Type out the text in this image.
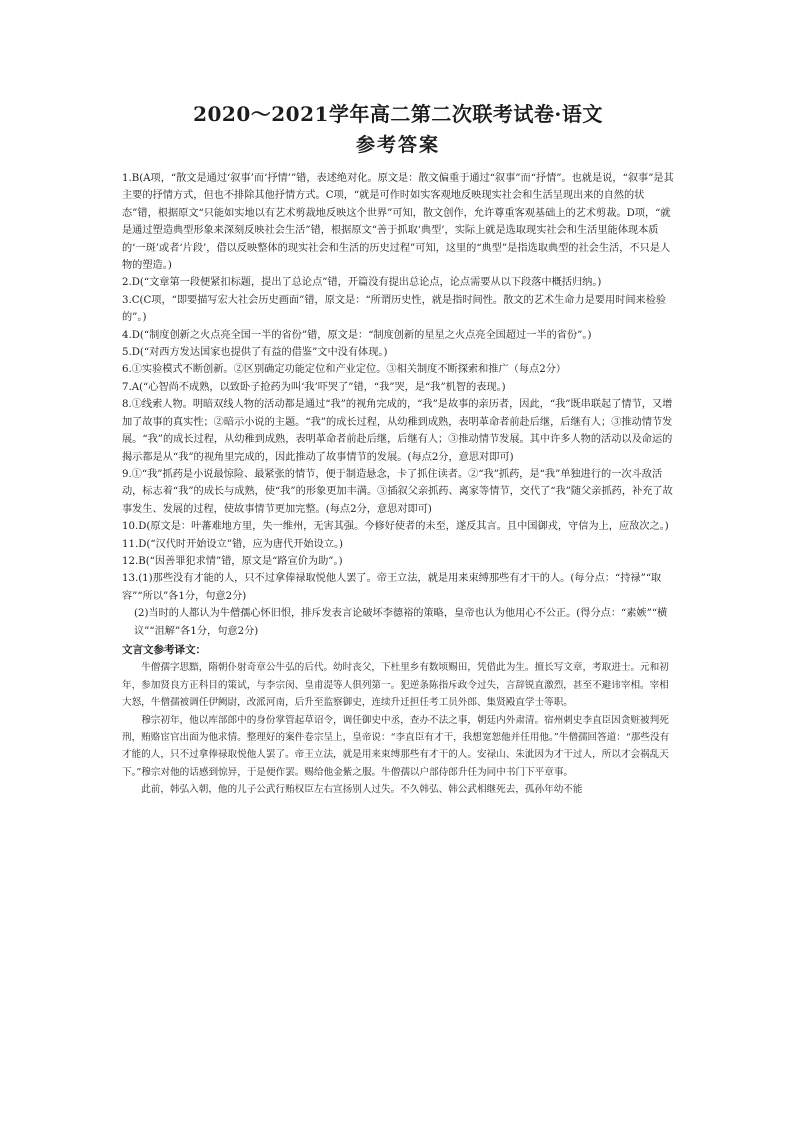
2020～2021学年高二第二次联考试卷·语文
参考答案

1.B(A项，“散文是通过‘叙事’而‘抒情’”错，表述绝对化。原文是：散文偏重于通过“叙事”而“抒情”。也就是说，“叙事”是其主要的抒情方式，但也不排除其他抒情方式。C项，“就是可作时如实客观地反映现实社会和生活呈现出来的自然的状态”错，根据原文“只能如实地以有艺术剪裁地反映这个世界”可知，散文创作，允许尊重客观基础上的艺术剪裁。D项，“就是通过塑造典型形象来深刻反映社会生活”错，根据原文“善于抓取‘典型’，实际上就是选取现实社会和生活里能体现本质的‘一斑’或者‘片段’，借以反映整体的现实社会和生活的历史过程”可知，这里的“典型”是指选取典型的社会生活，不只是人物的塑造。)

2.D(“文章第一段便紧扣标题，提出了总论点”错，开篇没有提出总论点，论点需要从以下段落中概括归纳。)

3.C(C项，“即要描写宏大社会历史画面”错，原文是：“所谓历史性，就是指时间性。散文的艺术生命力是要用时间来检验的”。)

4.D(“制度创新之火点亮全国一半的省份”错，原文是：“制度创新的星星之火点亮全国超过一半的省份”。)

5.D(“对西方发达国家也提供了有益的借鉴”文中没有体现。)

6.①实验模式不断创新。②区别确定功能定位和产业定位。③相关制度不断探索和推广（每点2分）

7.A(“心智尚不成熟，以致卧子抢药为叫‘我’吓哭了”错，“我”哭，是“我”机智的表现。)

8.①线索人物。明暗双线人物的活动都是通过“我”的视角完成的，“我”是故事的亲历者，因此，“我”既串联起了情节，又增加了故事的真实性；②暗示小说的主题。“我”的成长过程，从幼稚到成熟，表明革命者前赴后继，后继有人；③推动情节发展。“我”的成长过程，从幼稚到成熟，表明革命者前赴后继，后继有人；③推动情节发展。其中许多人物的活动以及命运的揭示都是从“我”的视角里完成的，因此推动了故事情节的发展。(每点2分，意思对即可)

9.①“我”抓药是小说最惊险、最紧张的情节，便于制造悬念，卡了抓住读者。②“我”抓药，是“我”单独进行的一次斗敌活动，标志着“我”的成长与成熟，使“我”的形象更加丰满。③插叙父亲抓药、离家等情节，交代了“我”随父亲抓药，补充了故事发生、发展的过程，使故事情节更加完整。(每点2分，意思对即可)

10.D(原文是：叶蕃难地方里，失一维州，无害其强。今修好使者的未至，遂反其言。且中国御戎，守信为上，应敌次之。)

11.D(“汉代时开始设立”错，应为唐代开始设立。)

12.B(“因善罪犯求情”错，原文是“路宣价为助”。)

13.(1)那些没有才能的人，只不过拿俸禄取悦他人罢了。帝王立法，就是用来束缚那些有才干的人。(每分点：“持禄”“取容”“所以”各1分，句意2分)

(2)当时的人都认为牛僧孺心怀旧恨，排斥发表言论破坏李德裕的策略，皇帝也认为他用心不公正。(得分点：“素嫉”“横议”“沮解”各1分，句意2分)

文言文参考译文：

牛僧孺字思黯，隋朝仆射奇章公牛弘的后代。幼时丧父，下杜里乡有数顷赐田，凭借此为生。擅长写文章，考取进士。元和初年，参加贤良方正科目的策试，与李宗闵、皇甫湜等人俱列第一。犯逆条陈指斥政令过失，言辞锐直激烈，甚至不避讳宰相。宰相大怒，牛僧孺被调任伊阙尉，改派河南，后升至监察御史，连续升迁担任考工员外郎、集贤殿直学士等职。

穆宗初年，他以库部郎中的身份掌管起草诏令，调任御史中丞，查办不法之事，朝廷内外肃清。宿州刺史李直臣因贪赃被判死刑，贿赂宦官出面为他求情。整理好的案件卷宗呈上，皇帝说：“李直臣有才干，我想宽恕他并任用他。”牛僧孺回答道：“那些没有才能的人，只不过拿俸禄取悦他人罢了。帝王立法，就是用来束缚那些有才干的人。安禄山、朱泚因为才干过人，所以才会祸乱天下。”穆宗对他的话感到惊异，于是便作罢。赐给他金紫之服。牛僧孺以户部侍郎升任为同中书门下平章事。

此前，韩弘入朝，他的儿子公武行贿权臣左右宣扬别人过失。不久韩弘、韩公武相继死去，孤孙年幼不能
